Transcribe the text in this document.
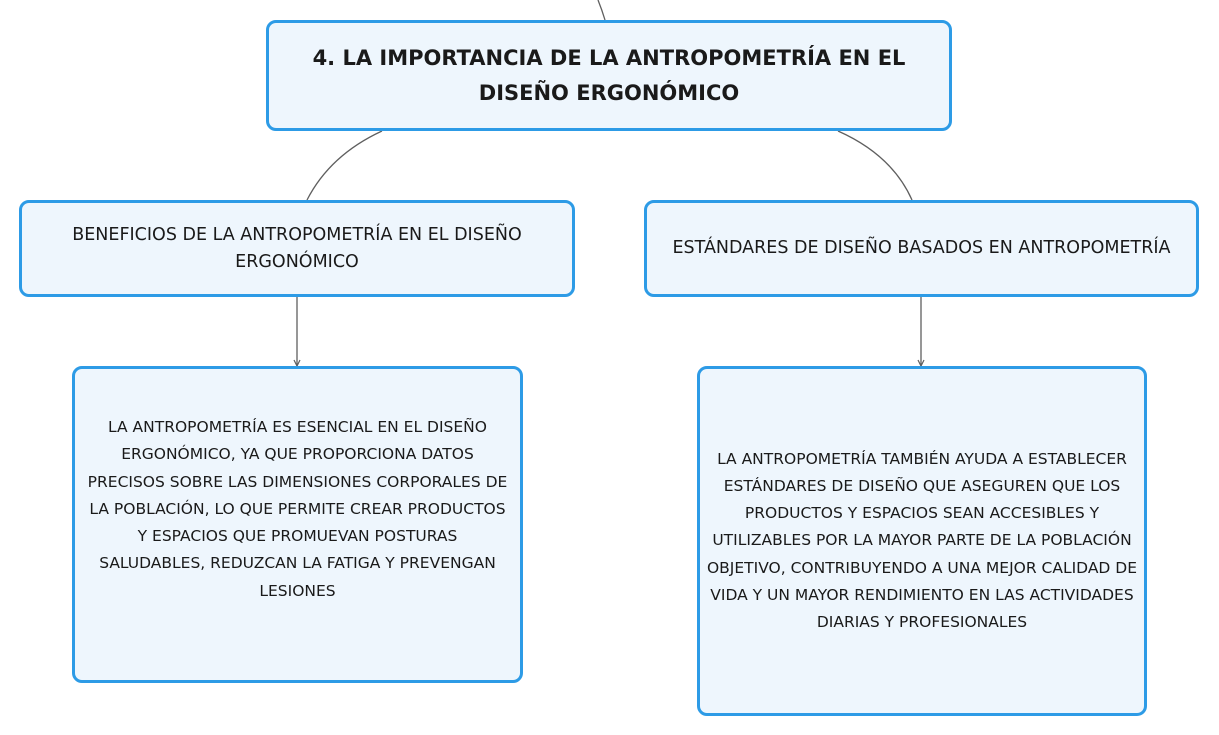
4. LA IMPORTANCIA DE LA ANTROPOMETRÍA EN EL DISEÑO ERGONÓMICO
BENEFICIOS DE LA ANTROPOMETRÍA EN EL DISEÑO ERGONÓMICO
ESTÁNDARES DE DISEÑO BASADOS EN ANTROPOMETRÍA
LA ANTROPOMETRÍA ES ESENCIAL EN EL DISEÑO ERGONÓMICO, YA QUE PROPORCIONA DATOS PRECISOS SOBRE LAS DIMENSIONES CORPORALES DE LA POBLACIÓN, LO QUE PERMITE CREAR PRODUCTOS Y ESPACIOS QUE PROMUEVAN POSTURAS SALUDABLES, REDUZCAN LA FATIGA Y PREVENGAN LESIONES
LA ANTROPOMETRÍA TAMBIÉN AYUDA A ESTABLECER ESTÁNDARES DE DISEÑO QUE ASEGUREN QUE LOS PRODUCTOS Y ESPACIOS SEAN ACCESIBLES Y UTILIZABLES POR LA MAYOR PARTE DE LA POBLACIÓN OBJETIVO, CONTRIBUYENDO A UNA MEJOR CALIDAD DE VIDA Y UN MAYOR RENDIMIENTO EN LAS ACTIVIDADES DIARIAS Y PROFESIONALES
